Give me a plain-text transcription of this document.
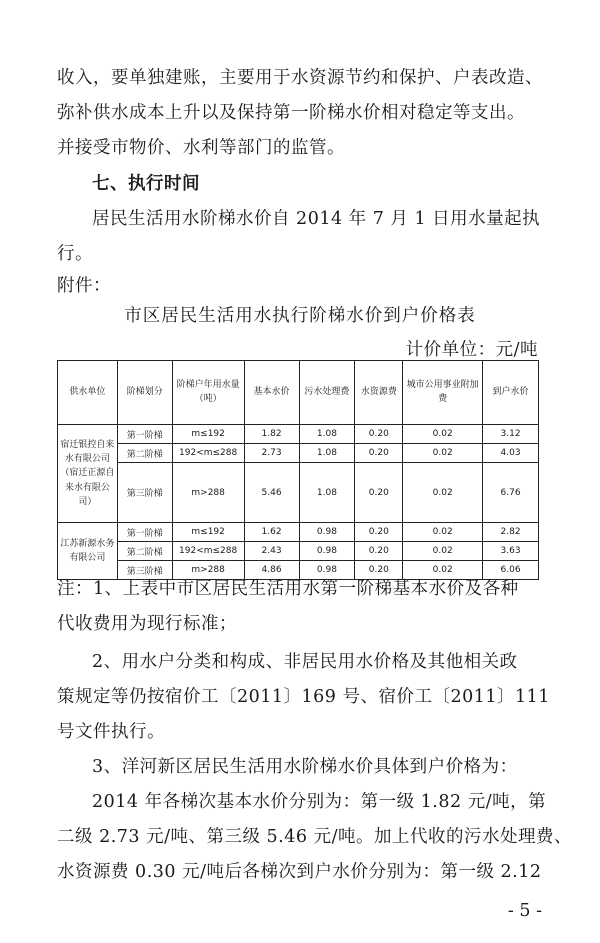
收入，要单独建账，主要用于水资源节约和保护、户表改造、
弥补供水成本上升以及保持第一阶梯水价相对稳定等支出。
并接受市物价、水利等部门的监管。
七、执行时间
居民生活用水阶梯水价自 2014 年 7 月 1 日用水量起执
行。
附件：
市区居民生活用水执行阶梯水价到户价格表
计价单位：元/吨
供水单位	阶梯划分	阶梯户年用水量（吨）	基本水价	污水处理费	水资源费	城市公用事业附加费	到户水价
宿迁银控自来水有限公司（宿迁正源自来水有限公司）	第一阶梯	m≤192	1.82	1.08	0.20	0.02	3.12
	第二阶梯	192<m≤288	2.73	1.08	0.20	0.02	4.03
	第三阶梯	m>288	5.46	1.08	0.20	0.02	6.76
江苏新源水务有限公司	第一阶梯	m≤192	1.62	0.98	0.20	0.02	2.82
	第二阶梯	192<m≤288	2.43	0.98	0.20	0.02	3.63
	第三阶梯	m>288	4.86	0.98	0.20	0.02	6.06
注：1、上表中市区居民生活用水第一阶梯基本水价及各种
代收费用为现行标准；
2、用水户分类和构成、非居民用水价格及其他相关政
策规定等仍按宿价工〔2011〕169 号、宿价工〔2011〕111
号文件执行。
3、洋河新区居民生活用水阶梯水价具体到户价格为：
2014 年各梯次基本水价分别为：第一级 1.82 元/吨，第
二级 2.73 元/吨、第三级 5.46 元/吨。加上代收的污水处理费、
水资源费 0.30 元/吨后各梯次到户水价分别为：第一级 2.12
- 5 -
